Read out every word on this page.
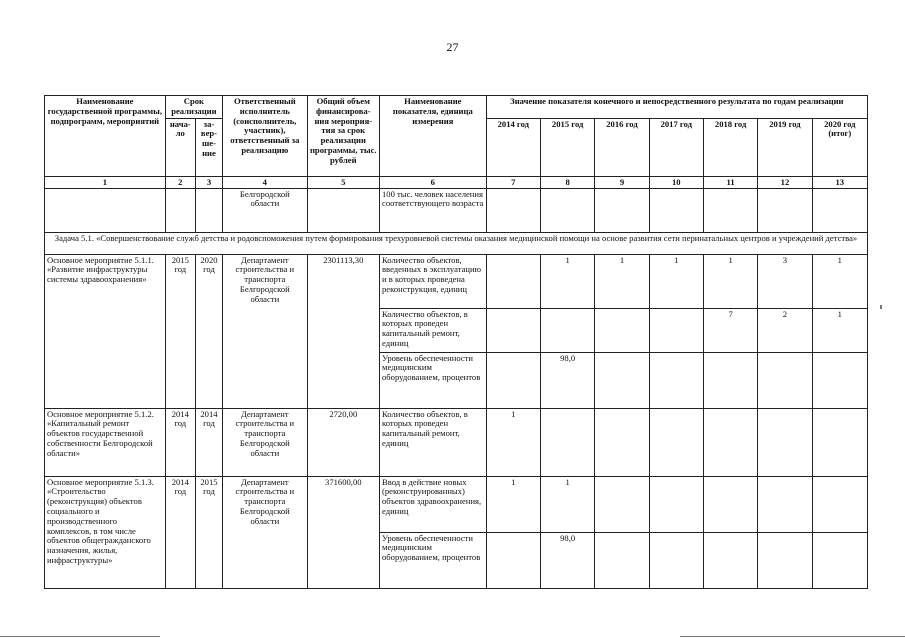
27
Наименование государственной программы, подпрограмм, мероприятий	Срок реализации		Ответственный исполнитель (соисполнитель, участник), ответственный за реализацию	Общий объем финансирова-ния мероприя-тия за срок реализации программы, тыс. рублей	Наименование показателя, единица измерения	Значение показателя конечного и непосредственного результата по годам реализации						
	нача-ло	за-вер-ше-ние				2014 год	2015 год	2016 год	2017 год	2018 год	2019 год	2020 год (итог)
1	2	3	4	5	6	7	8	9	10	11	12	13
			Белгородской области		100 тыс. человек населения соответствующего возраста							
Задача 5.1. «Совершенствование служб детства и родовспоможения путем формирования трехуровневой системы оказания медицинской помощи на основе развития сети перинатальных центров и учреждений детства»												
Основное мероприятие 5.1.1. «Развитие инфраструктуры системы здравоохранения»	2015 год	2020 год	Департамент строительства и транспорта Белгородской области	2301113,30	Количество объектов, введенных в эксплуатацию и в которых проведена реконструкция, единиц		1	1	1	1	3	1
					Количество объектов, в которых проведен капитальный ремонт, единиц					7	2	1
					Уровень обеспеченности медицинским оборудованием, процентов		98,0					
Основное мероприятие 5.1.2. «Капитальный ремонт объектов государственной собственности Белгородской области»	2014 год	2014 год	Департамент строительства и транспорта Белгородской области	2720,00	Количество объектов, в которых проведен капитальный ремонт, единиц	1						
Основное мероприятие 5.1.3. «Строительство (реконструкция) объектов социального и производственного комплексов, в том числе объектов общегражданского назначения, жилья, инфраструктуры»	2014 год	2015 год	Департамент строительства и транспорта Белгородской области	371600,00	Ввод в действие новых (реконструированных) объектов здравоохранения, единиц	1	1					
					Уровень обеспеченности медицинским оборудованием, процентов		98,0					
